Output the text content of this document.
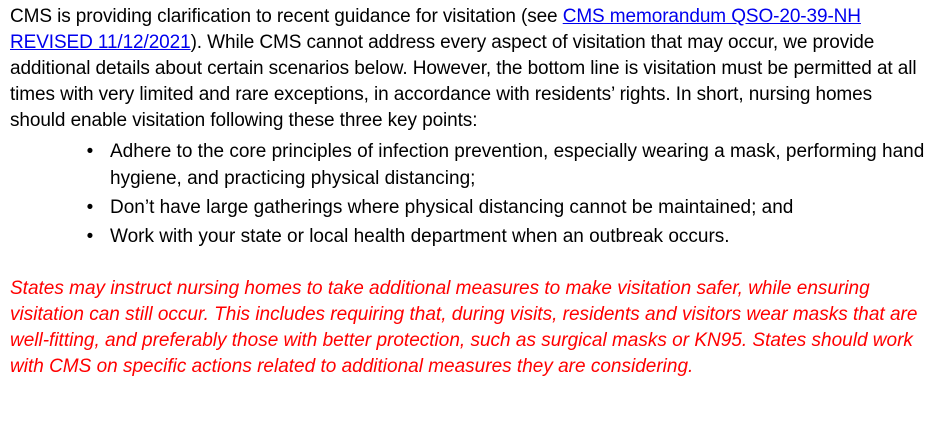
CMS is providing clarification to recent guidance for visitation (see CMS memorandum QSO-20-39-NH REVISED 11/12/2021). While CMS cannot address every aspect of visitation that may occur, we provide additional details about certain scenarios below. However, the bottom line is visitation must be permitted at all times with very limited and rare exceptions, in accordance with residents’ rights. In short, nursing homes should enable visitation following these three key points:

• Adhere to the core principles of infection prevention, especially wearing a mask, performing hand hygiene, and practicing physical distancing;
• Don’t have large gatherings where physical distancing cannot be maintained; and
• Work with your state or local health department when an outbreak occurs.

States may instruct nursing homes to take additional measures to make visitation safer, while ensuring visitation can still occur. This includes requiring that, during visits, residents and visitors wear masks that are well-fitting, and preferably those with better protection, such as surgical masks or KN95. States should work with CMS on specific actions related to additional measures they are considering.
